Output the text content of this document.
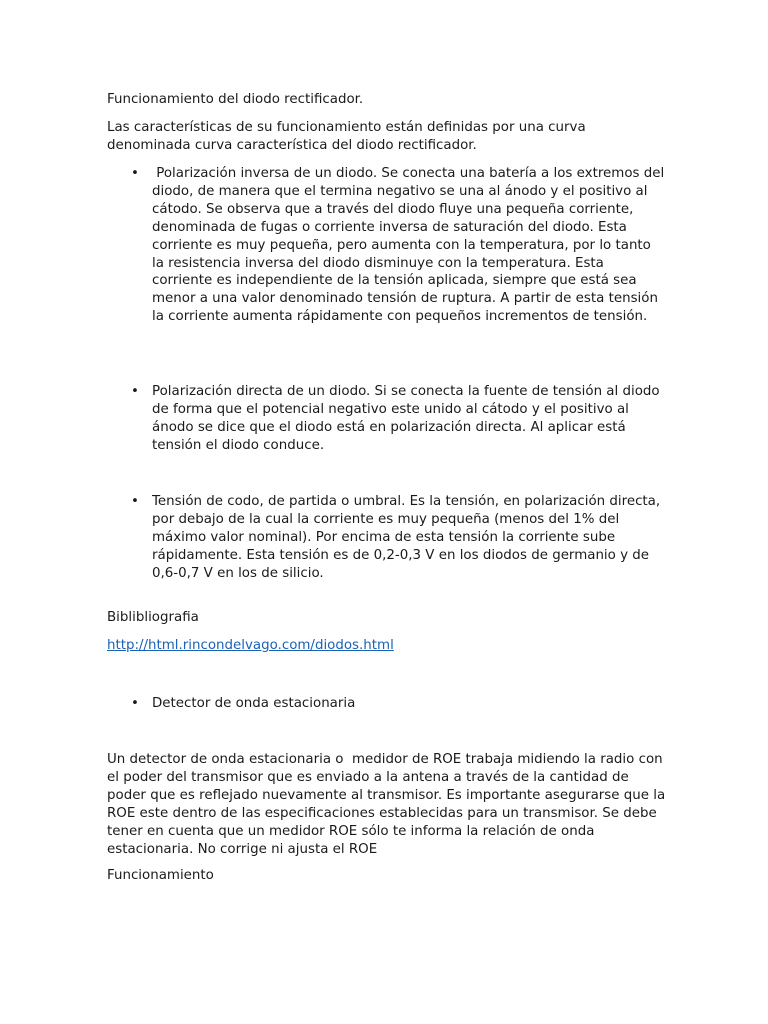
Funcionamiento del diodo rectificador.

Las características de su funcionamiento están definidas por una curva denominada curva característica del diodo rectificador.

• Polarización inversa de un diodo. Se conecta una batería a los extremos del diodo, de manera que el termina negativo se una al ánodo y el positivo al cátodo. Se observa que a través del diodo fluye una pequeña corriente, denominada de fugas o corriente inversa de saturación del diodo. Esta corriente es muy pequeña, pero aumenta con la temperatura, por lo tanto la resistencia inversa del diodo disminuye con la temperatura. Esta corriente es independiente de la tensión aplicada, siempre que está sea menor a una valor denominado tensión de ruptura. A partir de esta tensión la corriente aumenta rápidamente con pequeños incrementos de tensión.

• Polarización directa de un diodo. Si se conecta la fuente de tensión al diodo de forma que el potencial negativo este unido al cátodo y el positivo al ánodo se dice que el diodo está en polarización directa. Al aplicar está tensión el diodo conduce.

• Tensión de codo, de partida o umbral. Es la tensión, en polarización directa, por debajo de la cual la corriente es muy pequeña (menos del 1% del máximo valor nominal). Por encima de esta tensión la corriente sube rápidamente. Esta tensión es de 0,2-0,3 V en los diodos de germanio y de 0,6-0,7 V en los de silicio.

Biblibliografia

http://html.rincondelvago.com/diodos.html

• Detector de onda estacionaria

Un detector de onda estacionaria o  medidor de ROE trabaja midiendo la radio con el poder del transmisor que es enviado a la antena a través de la cantidad de poder que es reflejado nuevamente al transmisor. Es importante asegurarse que la ROE este dentro de las especificaciones establecidas para un transmisor. Se debe tener en cuenta que un medidor ROE sólo te informa la relación de onda estacionaria. No corrige ni ajusta el ROE

Funcionamiento
